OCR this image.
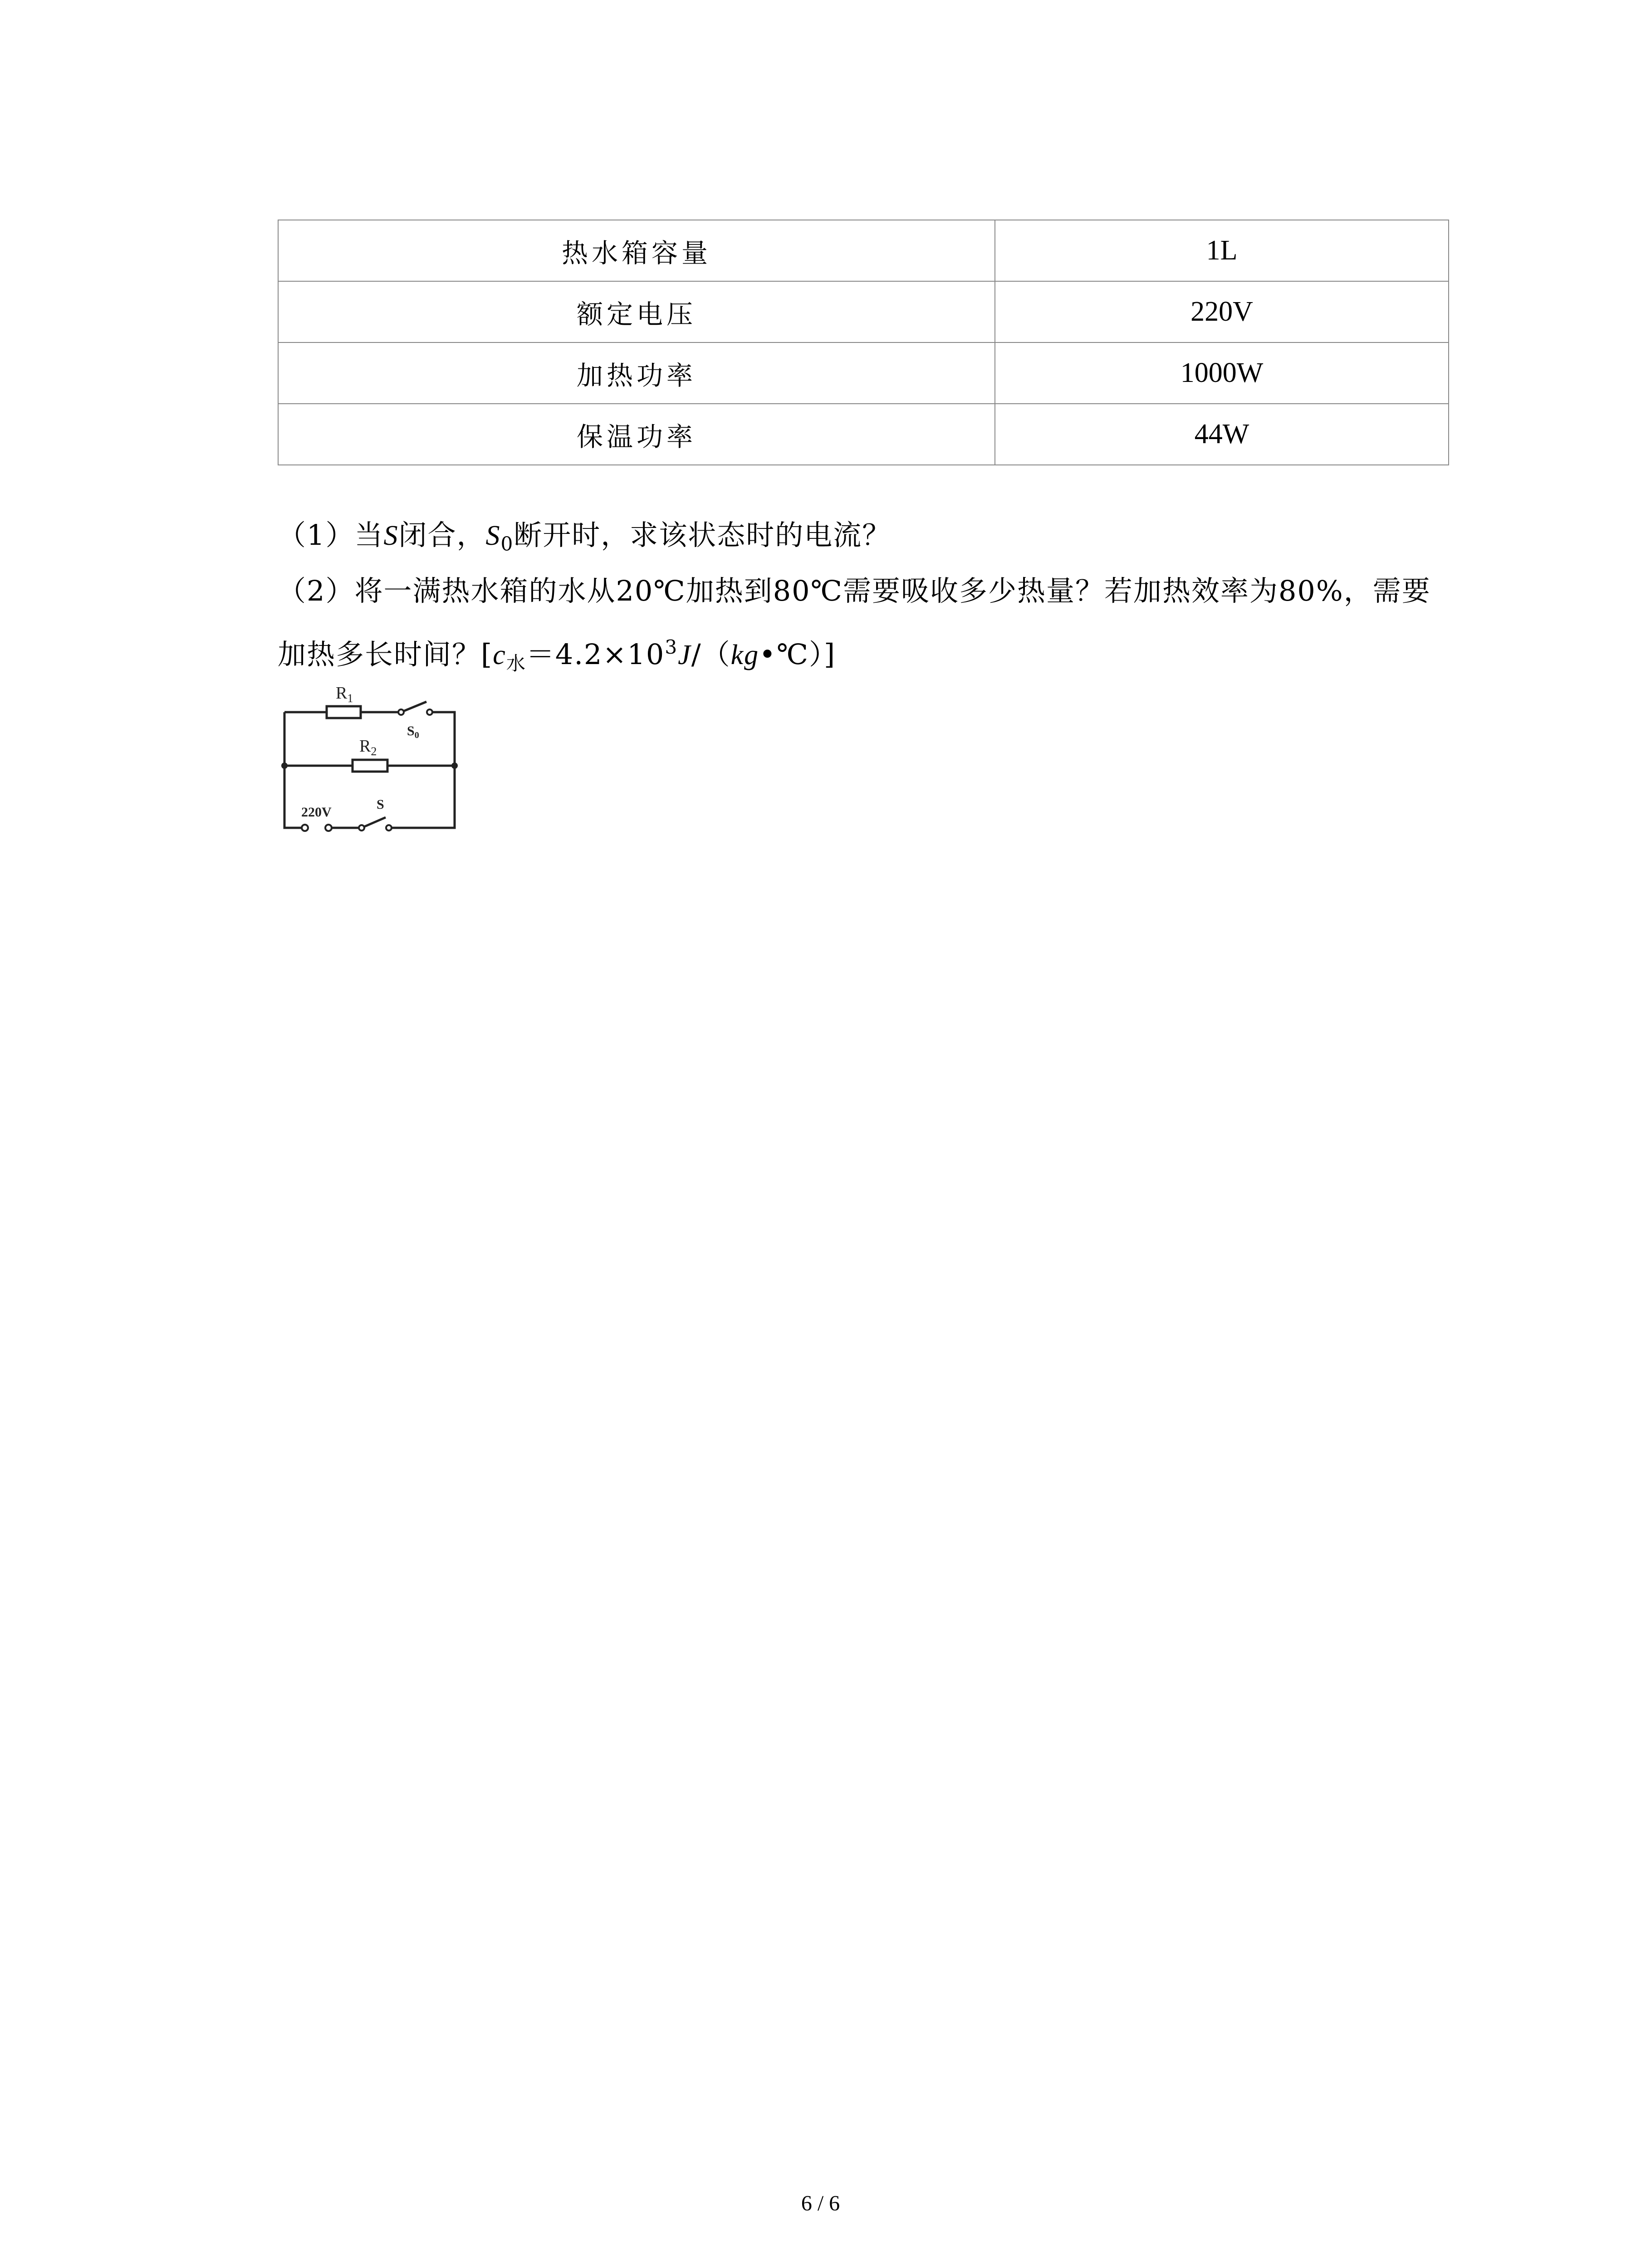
热水箱容量	1L
额定电压	220V
加热功率	1000W
保温功率	44W
（1）当S闭合，$S_0$断开时，求该状态时的电流？
（2）将一满热水箱的水从20℃加热到80℃需要吸收多少热量？若加热效率为80%，需要
加热多长时间？$[c_水=4.2\times 10^3J/(kg•℃)]$
$R_1$
$R_2$
$S_0$
220V
S
6 / 6
